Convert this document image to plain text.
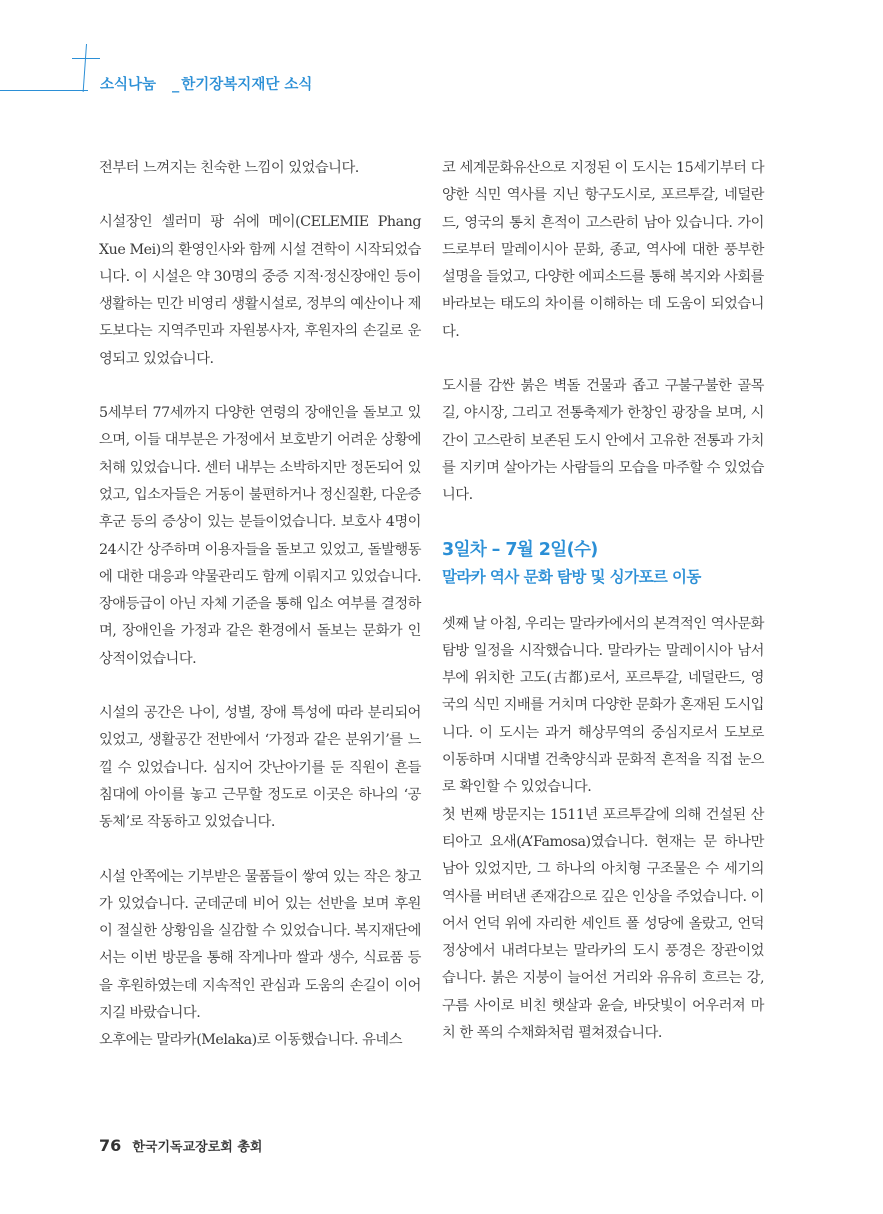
소식나눔 _ 한기장복지재단 소식

전부터 느껴지는 친숙한 느낌이 있었습니다.

시설장인 셀러미 팡 쉬에 메이(CELEMIE Phang Xue Mei)의 환영인사와 함께 시설 견학이 시작되었습니다. 이 시설은 약 30명의 중증 지적·정신장애인 등이 생활하는 민간 비영리 생활시설로, 정부의 예산이나 제도보다는 지역주민과 자원봉사자, 후원자의 손길로 운영되고 있었습니다.

5세부터 77세까지 다양한 연령의 장애인을 돌보고 있으며, 이들 대부분은 가정에서 보호받기 어려운 상황에 처해 있었습니다. 센터 내부는 소박하지만 정돈되어 있었고, 입소자들은 거동이 불편하거나 정신질환, 다운증후군 등의 증상이 있는 분들이었습니다. 보호사 4명이 24시간 상주하며 이용자들을 돌보고 있었고, 돌발행동에 대한 대응과 약물관리도 함께 이뤄지고 있었습니다. 장애등급이 아닌 자체 기준을 통해 입소 여부를 결정하며, 장애인을 가정과 같은 환경에서 돌보는 문화가 인상적이었습니다.

시설의 공간은 나이, 성별, 장애 특성에 따라 분리되어 있었고, 생활공간 전반에서 ‘가정과 같은 분위기’를 느낄 수 있었습니다. 심지어 갓난아기를 둔 직원이 흔들침대에 아이를 놓고 근무할 정도로 이곳은 하나의 ‘공동체’로 작동하고 있었습니다.

시설 안쪽에는 기부받은 물품들이 쌓여 있는 작은 창고가 있었습니다. 군데군데 비어 있는 선반을 보며 후원이 절실한 상황임을 실감할 수 있었습니다. 복지재단에서는 이번 방문을 통해 작게나마 쌀과 생수, 식료품 등을 후원하였는데 지속적인 관심과 도움의 손길이 이어지길 바랐습니다.

오후에는 말라카(Melaka)로 이동했습니다. 유네스

코 세계문화유산으로 지정된 이 도시는 15세기부터 다양한 식민 역사를 지닌 항구도시로, 포르투갈, 네덜란드, 영국의 통치 흔적이 고스란히 남아 있습니다. 가이드로부터 말레이시아 문화, 종교, 역사에 대한 풍부한 설명을 들었고, 다양한 에피소드를 통해 복지와 사회를 바라보는 태도의 차이를 이해하는 데 도움이 되었습니다.

도시를 감싼 붉은 벽돌 건물과 좁고 구불구불한 골목길, 야시장, 그리고 전통축제가 한창인 광장을 보며, 시간이 고스란히 보존된 도시 안에서 고유한 전통과 가치를 지키며 살아가는 사람들의 모습을 마주할 수 있었습니다.

3일차 – 7월 2일(수)
말라카 역사 문화 탐방 및 싱가포르 이동

셋째 날 아침, 우리는 말라카에서의 본격적인 역사문화 탐방 일정을 시작했습니다. 말라카는 말레이시아 남서부에 위치한 고도(古都)로서, 포르투갈, 네덜란드, 영국의 식민 지배를 거치며 다양한 문화가 혼재된 도시입니다. 이 도시는 과거 해상무역의 중심지로서 도보로 이동하며 시대별 건축양식과 문화적 흔적을 직접 눈으로 확인할 수 있었습니다.

첫 번째 방문지는 1511년 포르투갈에 의해 건설된 산티아고 요새(A’Famosa)였습니다. 현재는 문 하나만 남아 있었지만, 그 하나의 아치형 구조물은 수 세기의 역사를 버텨낸 존재감으로 깊은 인상을 주었습니다. 이어서 언덕 위에 자리한 세인트 폴 성당에 올랐고, 언덕 정상에서 내려다보는 말라카의 도시 풍경은 장관이었습니다. 붉은 지붕이 늘어선 거리와 유유히 흐르는 강, 구름 사이로 비친 햇살과 윤슬, 바닷빛이 어우러져 마치 한 폭의 수채화처럼 펼쳐졌습니다.

76 한국기독교장로회 총회
